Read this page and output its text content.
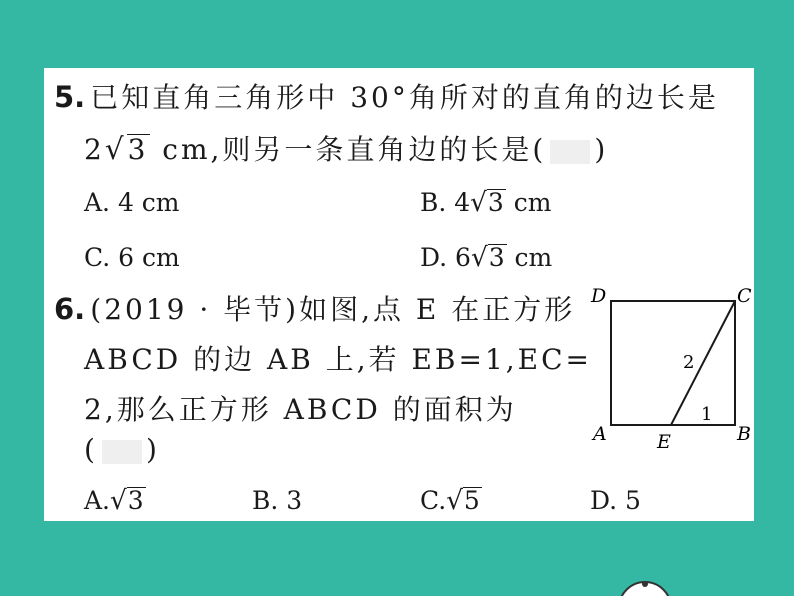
5. 已知直角三角形中 30°角所对的直角的边长是
2 √ 3 cm,则另一条直角边的长是( )
A. 4 cm	B. 4 √ 3 cm
C. 6 cm	D. 6 √ 3 cm
6. (2019 · 毕节)如图,点 E 在正方形
ABCD 的边 AB 上,若 EB=1,EC=
2,那么正方形 ABCD 的面积为
( )
A. √ 3	B. 3	C. √ 5	D. 5
D	C
A	B
E
2
1
